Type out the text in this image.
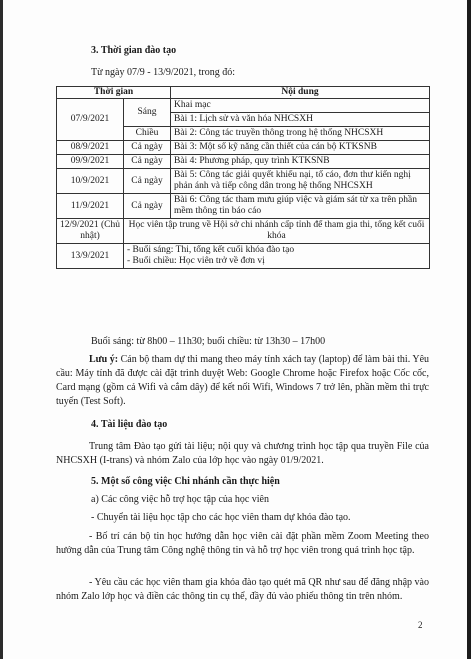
3. Thời gian đào tạo
Từ ngày 07/9 - 13/9/2021, trong đó:
Thời gian		Nội dung
07/9/2021	Sáng	Khai mạc
		Bài 1: Lịch sử và văn hóa NHCSXH
	Chiều	Bài 2: Công tác truyền thông trong hệ thống NHCSXH
08/9/2021	Cả ngày	Bài 3: Một số kỹ năng cần thiết của cán bộ KTKSNB
09/9/2021	Cả ngày	Bài 4: Phương pháp, quy trình KTKSNB
10/9/2021	Cả ngày	Bài 5: Công tác giải quyết khiếu nại, tố cáo, đơn thư kiến nghị phản ánh và tiếp công dân trong hệ thống NHCSXH
11/9/2021	Cả ngày	Bài 6: Công tác tham mưu giúp việc và giám sát từ xa trên phần mềm thông tin báo cáo
12/9/2021 (Chủ nhật)	Học viên tập trung về Hội sở chi nhánh cấp tỉnh để tham gia thi, tổng kết cuối khóa	
13/9/2021	- Buổi sáng: Thi, tổng kết cuối khóa đào tạo
- Buổi chiều: Học viên trở về đơn vị	
Buổi sáng: từ 8h00 – 11h30; buổi chiều: từ 13h30 – 17h00
Lưu ý: Cán bộ tham dự thi mang theo máy tính xách tay (laptop) để làm bài thi. Yêu cầu: Máy tính đã được cài đặt trình duyệt Web: Google Chrome hoặc Firefox hoặc Cốc cốc, Card mạng (gồm cả Wifi và cắm dây) để kết nối Wifi, Windows 7 trở lên, phần mềm thi trực tuyến (Test Soft).
4. Tài liệu đào tạo
Trung tâm Đào tạo gửi tài liệu; nội quy và chương trình học tập qua truyền File của NHCSXH (I-trans) và nhóm Zalo của lớp học vào ngày 01/9/2021.
5. Một số công việc Chi nhánh cần thực hiện
a) Các công việc hỗ trợ học tập của học viên
- Chuyển tài liệu học tập cho các học viên tham dự khóa đào tạo.
- Bố trí cán bộ tin học hướng dẫn học viên cài đặt phần mềm Zoom Meeting theo hướng dẫn của Trung tâm Công nghệ thông tin và hỗ trợ học viên trong quá trình học tập.
- Yêu cầu các học viên tham gia khóa đào tạo quét mã QR như sau để đăng nhập vào nhóm Zalo lớp học và điền các thông tin cụ thể, đầy đủ vào phiếu thông tin trên nhóm.
2
